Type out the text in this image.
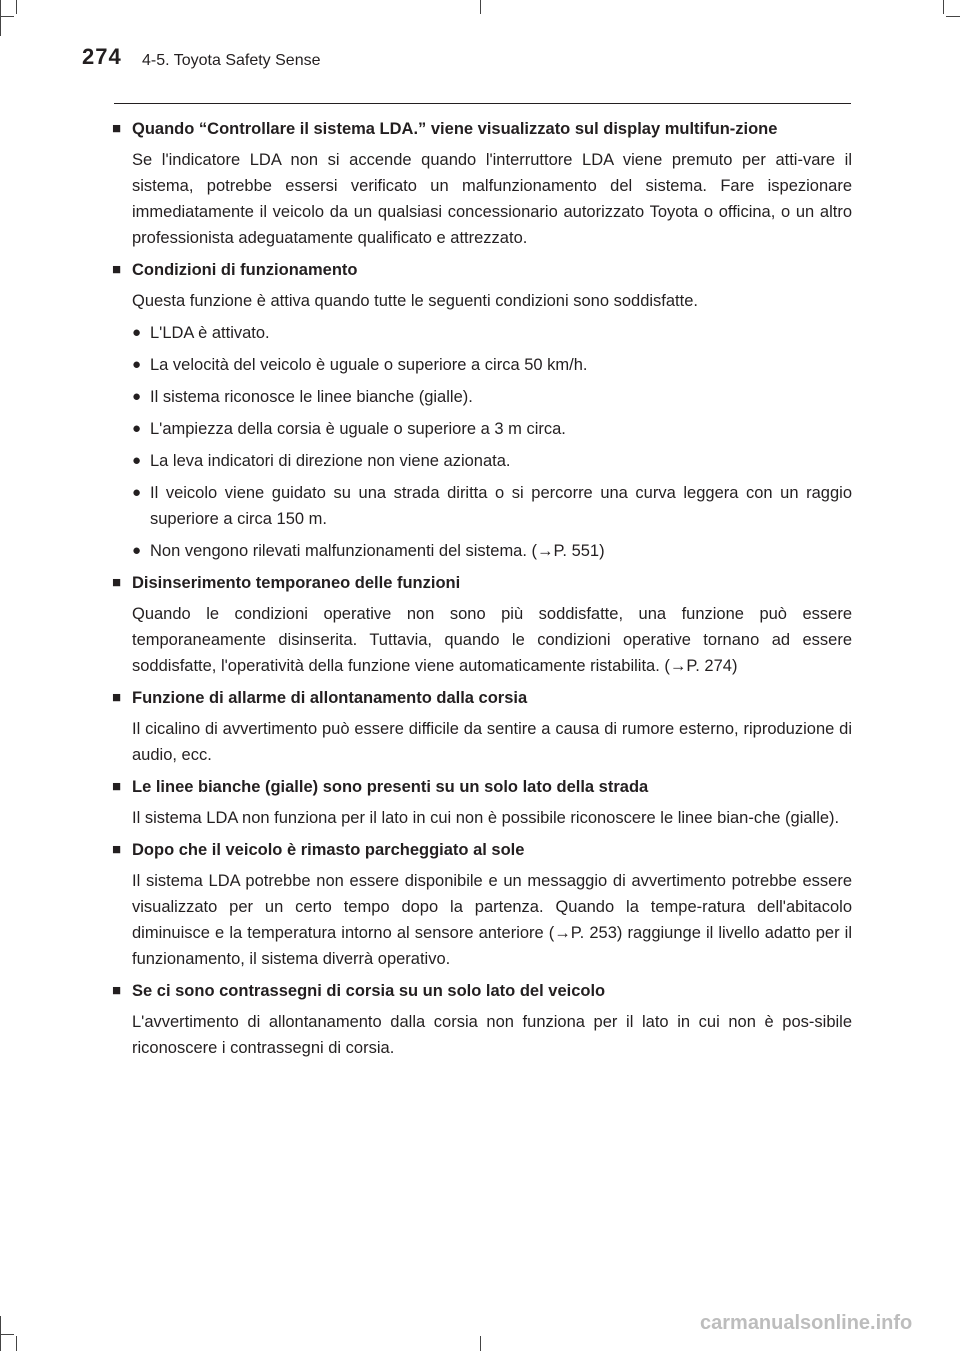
274 4-5. Toyota Safety Sense
■ Quando “Controllare il sistema LDA.” viene visualizzato sul display multifun-zione

Se l'indicatore LDA non si accende quando l'interruttore LDA viene premuto per atti-vare il sistema, potrebbe essersi verificato un malfunzionamento del sistema. Fare ispezionare immediatamente il veicolo da un qualsiasi concessionario autorizzato Toyota o officina, o un altro professionista adeguatamente qualificato e attrezzato.

■ Condizioni di funzionamento

Questa funzione è attiva quando tutte le seguenti condizioni sono soddisfatte.

● L'LDA è attivato.
● La velocità del veicolo è uguale o superiore a circa 50 km/h.
● Il sistema riconosce le linee bianche (gialle).
● L'ampiezza della corsia è uguale o superiore a 3 m circa.
● La leva indicatori di direzione non viene azionata.
● Il veicolo viene guidato su una strada diritta o si percorre una curva leggera con un raggio superiore a circa 150 m.
● Non vengono rilevati malfunzionamenti del sistema. (→P. 551)
■ Disinserimento temporaneo delle funzioni

Quando le condizioni operative non sono più soddisfatte, una funzione può essere temporaneamente disinserita. Tuttavia, quando le condizioni operative tornano ad essere soddisfatte, l'operatività della funzione viene automaticamente ristabilita. (→P. 274)

■ Funzione di allarme di allontanamento dalla corsia

Il cicalino di avvertimento può essere difficile da sentire a causa di rumore esterno, riproduzione di audio, ecc.

■ Le linee bianche (gialle) sono presenti su un solo lato della strada

Il sistema LDA non funziona per il lato in cui non è possibile riconoscere le linee bian-che (gialle).

■ Dopo che il veicolo è rimasto parcheggiato al sole

Il sistema LDA potrebbe non essere disponibile e un messaggio di avvertimento potrebbe essere visualizzato per un certo tempo dopo la partenza. Quando la tempe-ratura dell'abitacolo diminuisce e la temperatura intorno al sensore anteriore (→P. 253) raggiunge il livello adatto per il funzionamento, il sistema diverrà operativo.

■ Se ci sono contrassegni di corsia su un solo lato del veicolo

L'avvertimento di allontanamento dalla corsia non funziona per il lato in cui non è pos-sibile riconoscere i contrassegni di corsia.

carmanualsonline.info
